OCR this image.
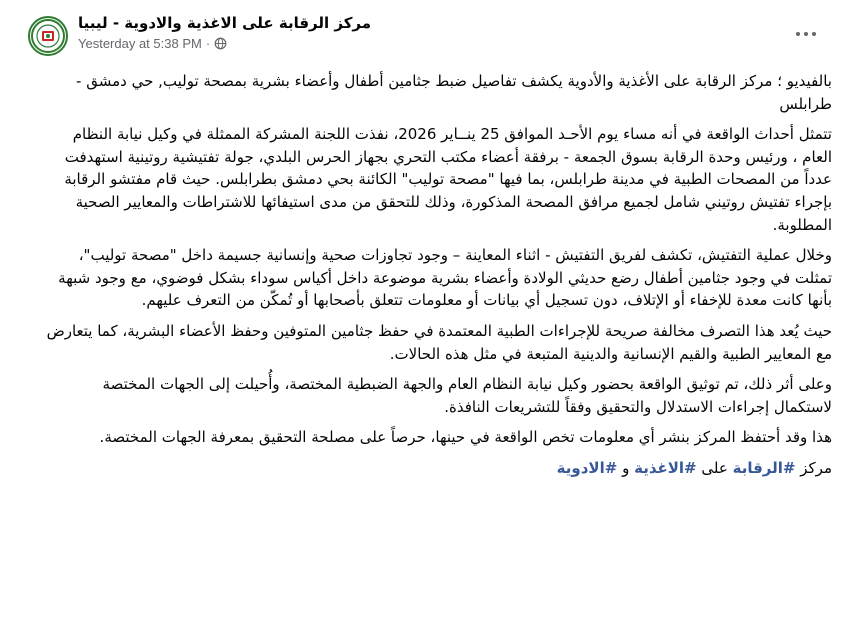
مركز الرقابة على الاغذية والادوية - ليبيا
Yesterday at 5:38 PM ·

بالفيديو ؛ مركز الرقابة على الأغذية والأدوية يكشف تفاصيل ضبط جثامين أطفال وأعضاء بشرية بمصحة توليب, حي دمشق - طرابلس

تتمثل أحداث الواقعة في أنه مساء يوم الأحـد الموافق 25 ينــاير 2026، نفذت اللجنة المشركة الممثلة في وكيل نيابة النظام العام ، ورئيس وحدة الرقابة بسوق الجمعة - برفقة أعضاء مكتب التحري بجهاز الحرس البلدي، جولة تفتيشية روتينية استهدفت عدداً من المصحات الطبية في مدينة طرابلس، بما فيها "مصحة توليب" الكائنة بحي دمشق بطرابلس. حيث قام مفتشو الرقابة بإجراء تفتيش روتيني شامل لجميع مرافق المصحة المذكورة، وذلك للتحقق من مدى استيفائها للاشتراطات والمعايير الصحية المطلوبة.

وخلال عملية التفتيش، تكشف لفريق التفتيش - اثناء المعاينة – وجود تجاوزات صحية وإنسانية جسيمة داخل "مصحة توليب"، تمثلت في وجود جثامين أطفال رضع حديثي الولادة وأعضاء بشرية موضوعة داخل أكياس سوداء بشكل فوضوي، مع وجود شبهة بأنها كانت معدة للإخفاء أو الإتلاف، دون تسجيل أي بيانات أو معلومات تتعلق بأصحابها أو تُمكّن من التعرف عليهم.

حيث يُعد هذا التصرف مخالفة صريحة للإجراءات الطبية المعتمدة في حفظ جثامين المتوفين وحفظ الأعضاء البشرية، كما يتعارض مع المعايير الطبية والقيم الإنسانية والدينية المتبعة في مثل هذه الحالات.

وعلى أثر ذلك، تم توثيق الواقعة بحضور وكيل نيابة النظام العام والجهة الضبطية المختصة، وأُحيلت إلى الجهات المختصة لاستكمال إجراءات الاستدلال والتحقيق وفقاً للتشريعات النافذة.

هذا وقد أحتفظ المركز بنشر أي معلومات تخص الواقعة في حينها، حرصاً على مصلحة التحقيق بمعرفة الجهات المختصة.

مركز #الرقابة على #الاغذية و #الادوية
